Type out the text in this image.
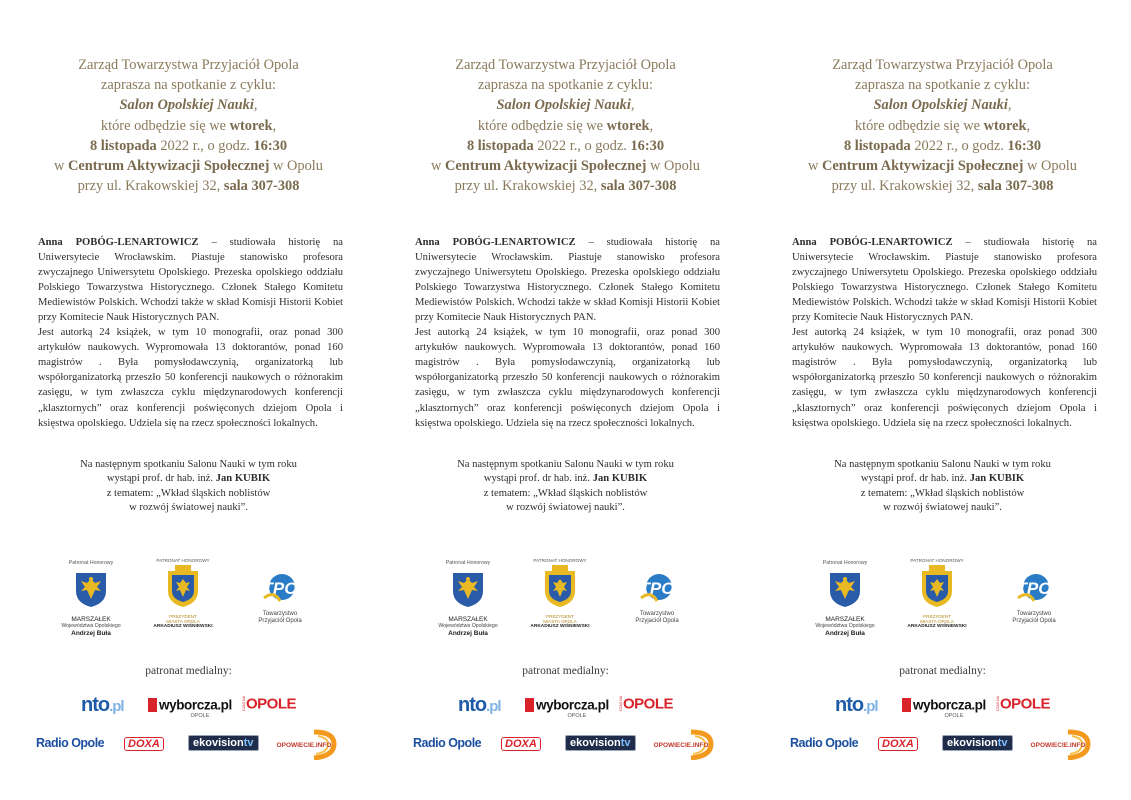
Zarząd Towarzystwa Przyjaciół Opola
zaprasza na spotkanie z cyklu:
Salon Opolskiej Nauki,
które odbędzie się we wtorek,
8 listopada 2022 r., o godz. 16:30
w Centrum Aktywizacji Społecznej w Opolu
przy ul. Krakowskiej 32, sala 307-308

Anna POBÓG-LENARTOWICZ – studiowała historię na Uniwersytecie Wrocławskim. Piastuje stanowisko profesora zwyczajnego Uniwersytetu Opolskiego. Prezeska opolskiego oddziału Polskiego Towarzystwa Historycznego. Członek Stałego Komitetu Mediewistów Polskich. Wchodzi także w skład Komisji Historii Kobiet przy Komitecie Nauk Historycznych PAN.

Jest autorką 24 książek, w tym 10 monografii, oraz ponad 300 artykułów naukowych. Wypromowała 13 doktorantów, ponad 160 magistrów . Była pomysłodawczynią, organizatorką lub współorganizatorką przeszło 50 konferencji naukowych o różnorakim zasięgu, w tym zwłaszcza cyklu międzynarodowych konferencji „klasztornych” oraz konferencji poświęconych dziejom Opola i księstwa opolskiego. Udziela się na rzecz społeczności lokalnych.

Na następnym spotkaniu Salonu Nauki w tym roku
wystąpi prof. dr hab. inż. Jan KUBIK
z tematem: „Wkład śląskich noblistów
w rozwój światowej nauki”.
Patronat Honorowy
MARSZAŁEK
Województwa Opolskiego
Andrzej Buła
PATRONAT HONOROWY
PREZYDENT
MIASTA OPOLA
ARKADIUSZ WIŚNIEWSKI
TPO
Towarzystwo
Przyjaciół Opola
patronat medialny:
nto.pl	wyborcza.pl
OPOLE
CZAS NAOPOLE
Radio Opole	DOXA	ekovisiontv	OPOWIECIE.INFO
Zarząd Towarzystwa Przyjaciół Opola
zaprasza na spotkanie z cyklu:
Salon Opolskiej Nauki,
które odbędzie się we wtorek,
8 listopada 2022 r., o godz. 16:30
w Centrum Aktywizacji Społecznej w Opolu
przy ul. Krakowskiej 32, sala 307-308

Anna POBÓG-LENARTOWICZ – studiowała historię na Uniwersytecie Wrocławskim. Piastuje stanowisko profesora zwyczajnego Uniwersytetu Opolskiego. Prezeska opolskiego oddziału Polskiego Towarzystwa Historycznego. Członek Stałego Komitetu Mediewistów Polskich. Wchodzi także w skład Komisji Historii Kobiet przy Komitecie Nauk Historycznych PAN.

Jest autorką 24 książek, w tym 10 monografii, oraz ponad 300 artykułów naukowych. Wypromowała 13 doktorantów, ponad 160 magistrów . Była pomysłodawczynią, organizatorką lub współorganizatorką przeszło 50 konferencji naukowych o różnorakim zasięgu, w tym zwłaszcza cyklu międzynarodowych konferencji „klasztornych” oraz konferencji poświęconych dziejom Opola i księstwa opolskiego. Udziela się na rzecz społeczności lokalnych.

Na następnym spotkaniu Salonu Nauki w tym roku
wystąpi prof. dr hab. inż. Jan KUBIK
z tematem: „Wkład śląskich noblistów
w rozwój światowej nauki”.
Patronat Honorowy
MARSZAŁEK
Województwa Opolskiego
Andrzej Buła
PATRONAT HONOROWY
PREZYDENT
MIASTA OPOLA
ARKADIUSZ WIŚNIEWSKI
TPO
Towarzystwo
Przyjaciół Opola
patronat medialny:
nto.pl	wyborcza.pl
OPOLE
CZAS NAOPOLE
Radio Opole	DOXA	ekovisiontv	OPOWIECIE.INFO
Zarząd Towarzystwa Przyjaciół Opola
zaprasza na spotkanie z cyklu:
Salon Opolskiej Nauki,
które odbędzie się we wtorek,
8 listopada 2022 r., o godz. 16:30
w Centrum Aktywizacji Społecznej w Opolu
przy ul. Krakowskiej 32, sala 307-308

Anna POBÓG-LENARTOWICZ – studiowała historię na Uniwersytecie Wrocławskim. Piastuje stanowisko profesora zwyczajnego Uniwersytetu Opolskiego. Prezeska opolskiego oddziału Polskiego Towarzystwa Historycznego. Członek Stałego Komitetu Mediewistów Polskich. Wchodzi także w skład Komisji Historii Kobiet przy Komitecie Nauk Historycznych PAN.

Jest autorką 24 książek, w tym 10 monografii, oraz ponad 300 artykułów naukowych. Wypromowała 13 doktorantów, ponad 160 magistrów . Była pomysłodawczynią, organizatorką lub współorganizatorką przeszło 50 konferencji naukowych o różnorakim zasięgu, w tym zwłaszcza cyklu międzynarodowych konferencji „klasztornych” oraz konferencji poświęconych dziejom Opola i księstwa opolskiego. Udziela się na rzecz społeczności lokalnych.

Na następnym spotkaniu Salonu Nauki w tym roku
wystąpi prof. dr hab. inż. Jan KUBIK
z tematem: „Wkład śląskich noblistów
w rozwój światowej nauki”.
Patronat Honorowy
MARSZAŁEK
Województwa Opolskiego
Andrzej Buła
PATRONAT HONOROWY
PREZYDENT
MIASTA OPOLA
ARKADIUSZ WIŚNIEWSKI
TPO
Towarzystwo
Przyjaciół Opola
patronat medialny:
nto.pl	wyborcza.pl
OPOLE
CZAS NAOPOLE
Radio Opole	DOXA	ekovisiontv	OPOWIECIE.INFO
